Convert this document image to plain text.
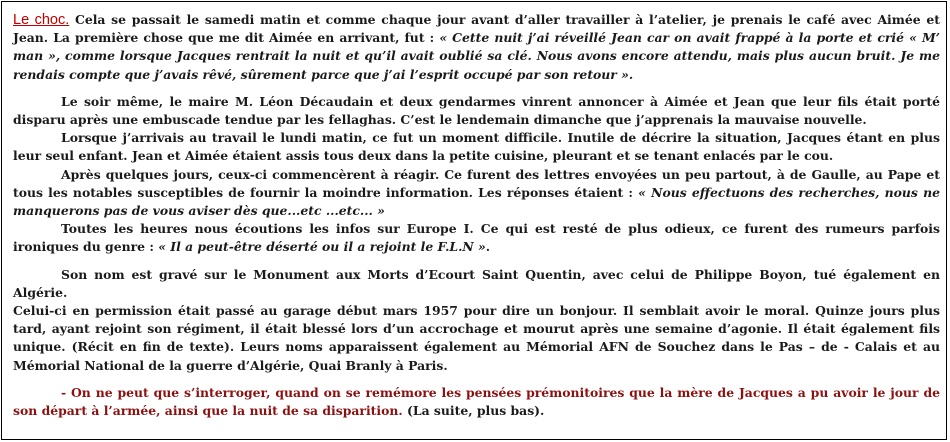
Le choc. Cela se passait le samedi matin et comme chaque jour avant d’aller travailler à l’atelier, je prenais le café avec Aimée et Jean. La première chose que me dit Aimée en arrivant, fut : « Cette nuit j’ai réveillé Jean car on avait frappé à la porte et crié « M’ man », comme lorsque Jacques rentrait la nuit et qu’il avait oublié sa clé. Nous avons encore attendu, mais plus aucun bruit. Je me rendais compte que j’avais rêvé, sûrement parce que j’ai l’esprit occupé par son retour ».

Le soir même, le maire M. Léon Décaudain et deux gendarmes vinrent annoncer à Aimée et Jean que leur fils était porté disparu après une embuscade tendue par les fellaghas. C’est le lendemain dimanche que j’apprenais la mauvaise nouvelle.

Lorsque j’arrivais au travail le lundi matin, ce fut un moment difficile. Inutile de décrire la situation, Jacques étant en plus leur seul enfant. Jean et Aimée étaient assis tous deux dans la petite cuisine, pleurant et se tenant enlacés par le cou.

Après quelques jours, ceux-ci commencèrent à réagir. Ce furent des lettres envoyées un peu partout, à de Gaulle, au Pape et tous les notables susceptibles de fournir la moindre information. Les réponses étaient : « Nous effectuons des recherches, nous ne manquerons pas de vous aviser dès que...etc ...etc... »

Toutes les heures nous écoutions les infos sur Europe I. Ce qui est resté de plus odieux, ce furent des rumeurs parfois ironiques du genre : « Il a peut-être déserté ou il a rejoint le F.L.N ».

Son nom est gravé sur le Monument aux Morts d’Ecourt Saint Quentin, avec celui de Philippe Boyon, tué également en Algérie.

Celui-ci en permission était passé au garage début mars 1957 pour dire un bonjour. Il semblait avoir le moral. Quinze jours plus tard, ayant rejoint son régiment, il était blessé lors d’un accrochage et mourut après une semaine d’agonie. Il était également fils unique. (Récit en fin de texte). Leurs noms apparaissent également au Mémorial AFN de Souchez dans le Pas – de - Calais et au Mémorial National de la guerre d’Algérie, Quai Branly à Paris.

- On ne peut que s’interroger, quand on se remémore les pensées prémonitoires que la mère de Jacques a pu avoir le jour de son départ à l’armée, ainsi que la nuit de sa disparition. (La suite, plus bas).
